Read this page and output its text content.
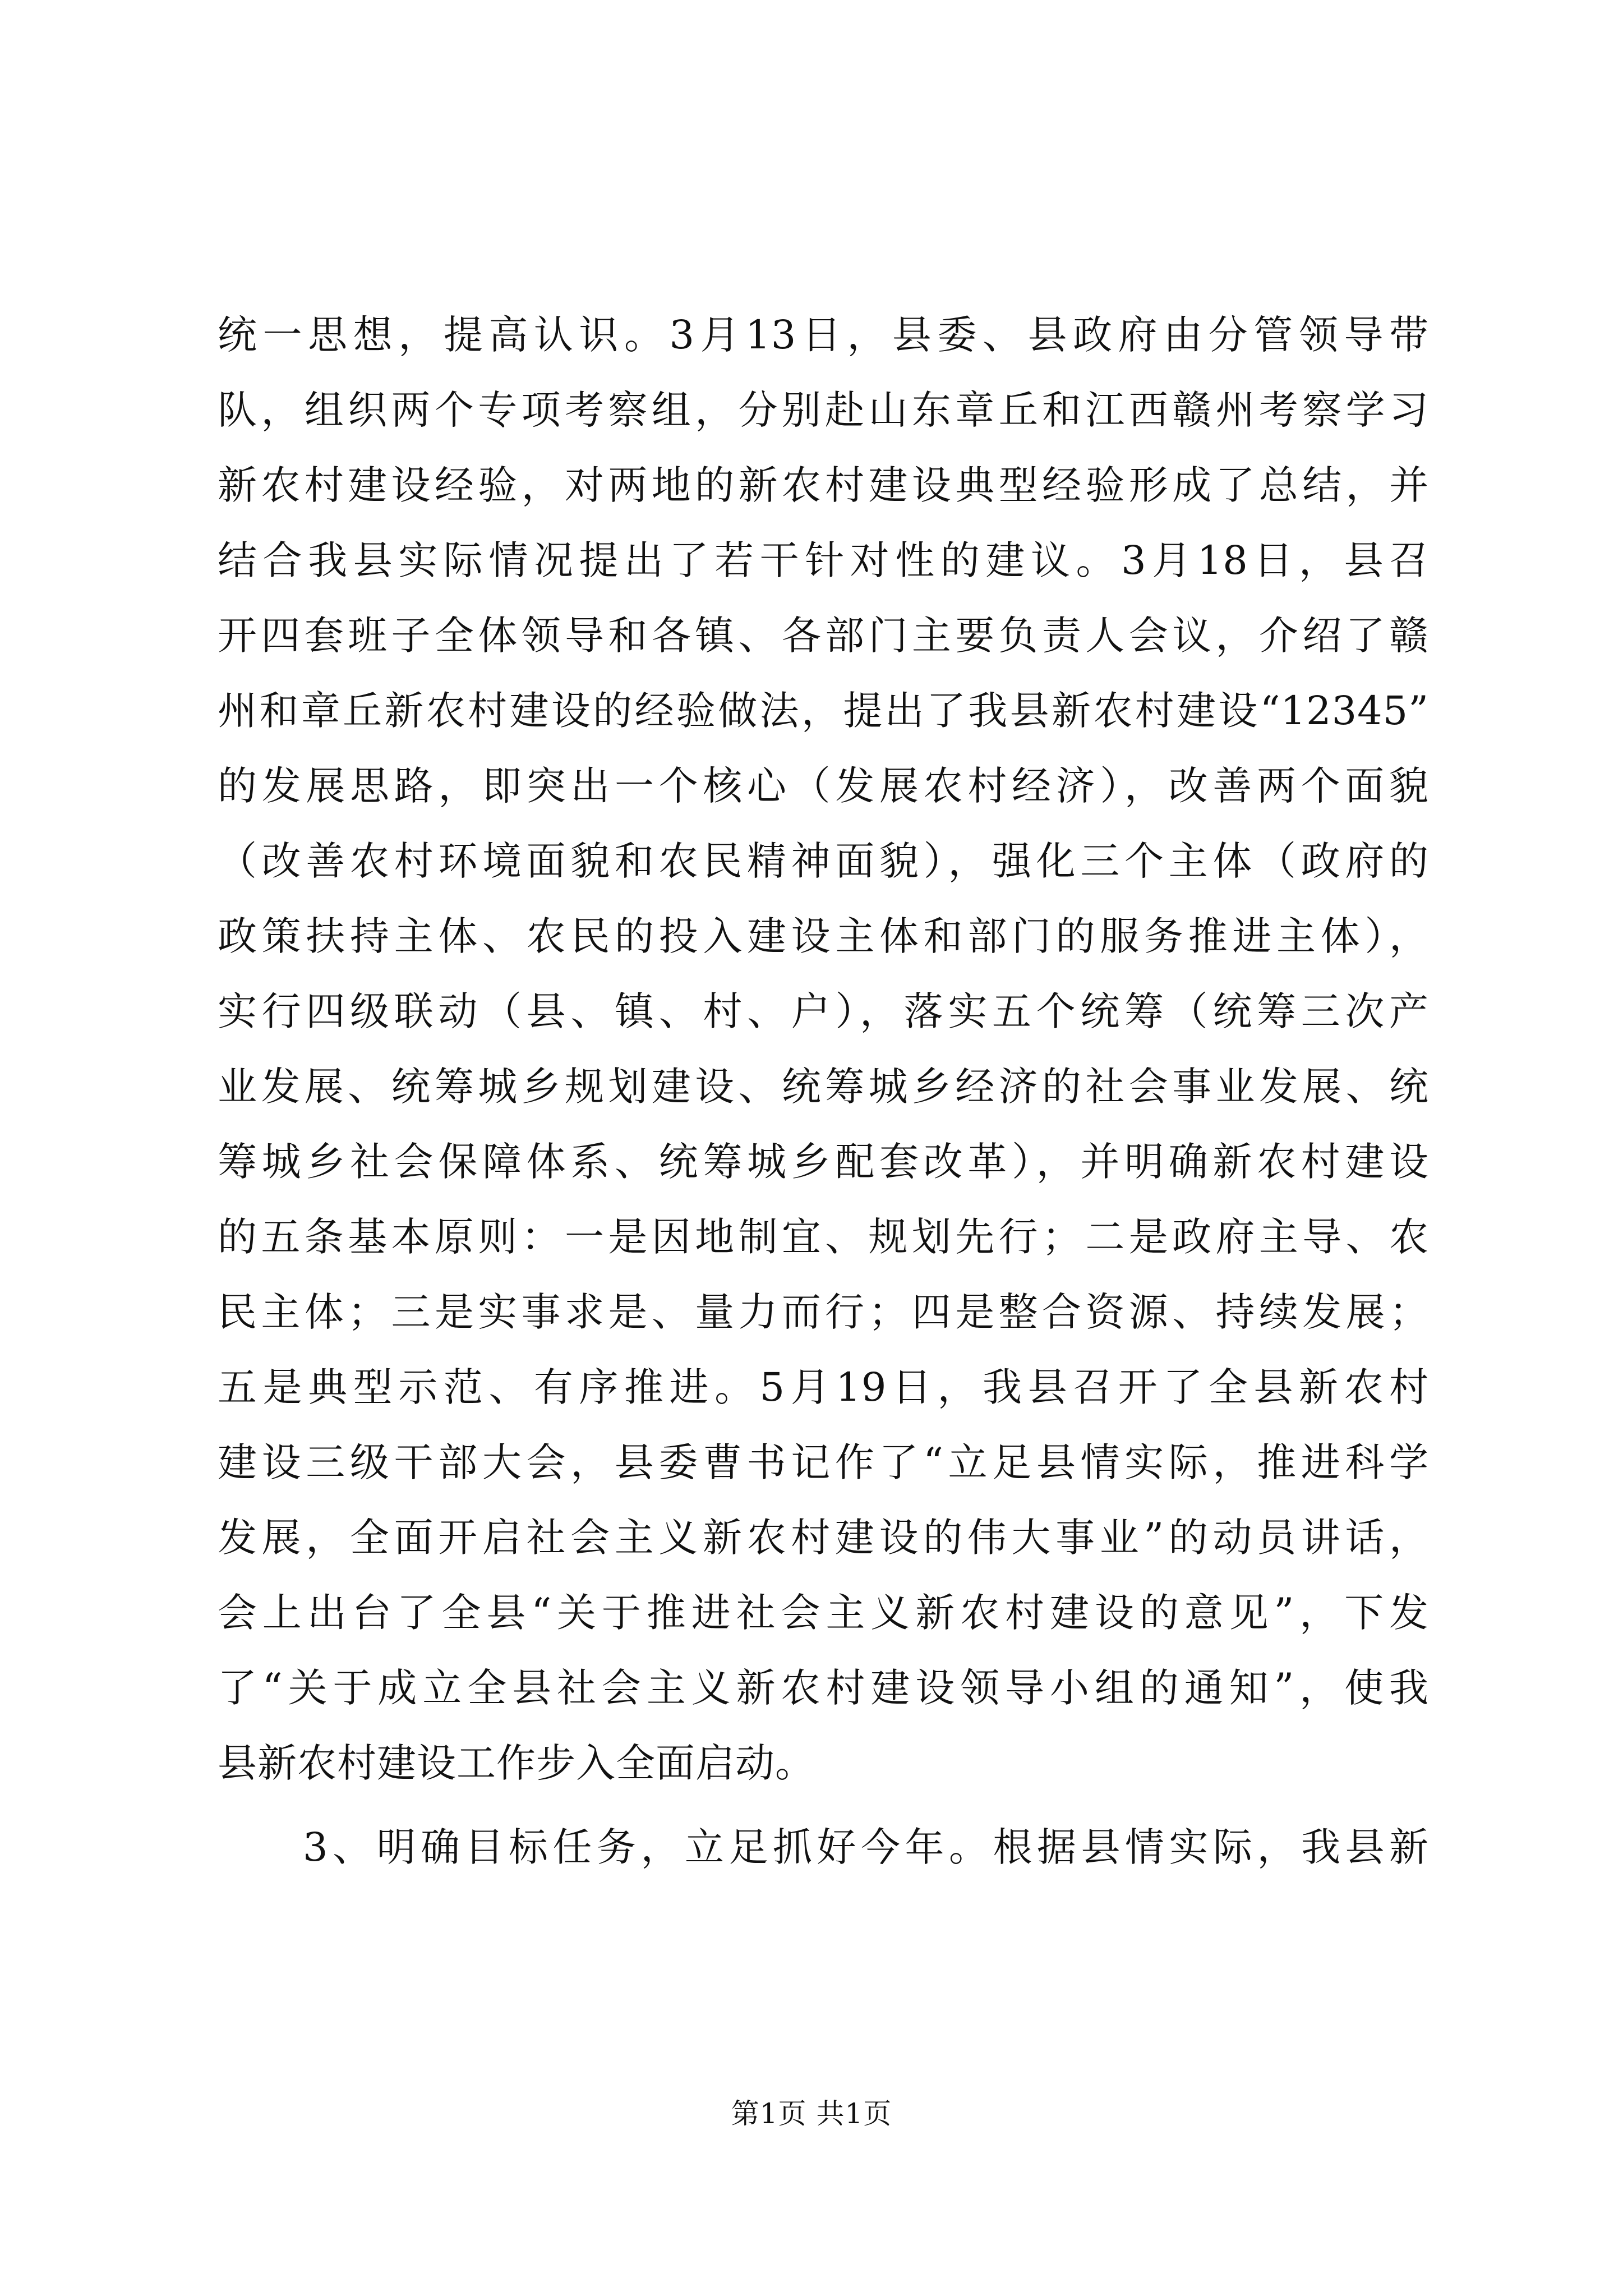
统一思想，提高认识。3月13日，县委、县政府由分管领导带
队，组织两个专项考察组，分别赴山东章丘和江西赣州考察学习
新农村建设经验，对两地的新农村建设典型经验形成了总结，并
结合我县实际情况提出了若干针对性的建议。3月18日，县召
开四套班子全体领导和各镇、各部门主要负责人会议，介绍了赣
州和章丘新农村建设的经验做法，提出了我县新农村建设“12345”
的发展思路，即突出一个核心（发展农村经济），改善两个面貌
（改善农村环境面貌和农民精神面貌），强化三个主体（政府的
政策扶持主体、农民的投入建设主体和部门的服务推进主体），
实行四级联动（县、镇、村、户），落实五个统筹（统筹三次产
业发展、统筹城乡规划建设、统筹城乡经济的社会事业发展、统
筹城乡社会保障体系、统筹城乡配套改革），并明确新农村建设
的五条基本原则：一是因地制宜、规划先行；二是政府主导、农
民主体；三是实事求是、量力而行；四是整合资源、持续发展；
五是典型示范、有序推进。5月19日，我县召开了全县新农村
建设三级干部大会，县委曹书记作了“立足县情实际，推进科学
发展，全面开启社会主义新农村建设的伟大事业”的动员讲话，
会上出台了全县“关于推进社会主义新农村建设的意见”，下发
了“关于成立全县社会主义新农村建设领导小组的通知”，使我
县新农村建设工作步入全面启动。
3、明确目标任务，立足抓好今年。根据县情实际，我县新
第1页 共1页
